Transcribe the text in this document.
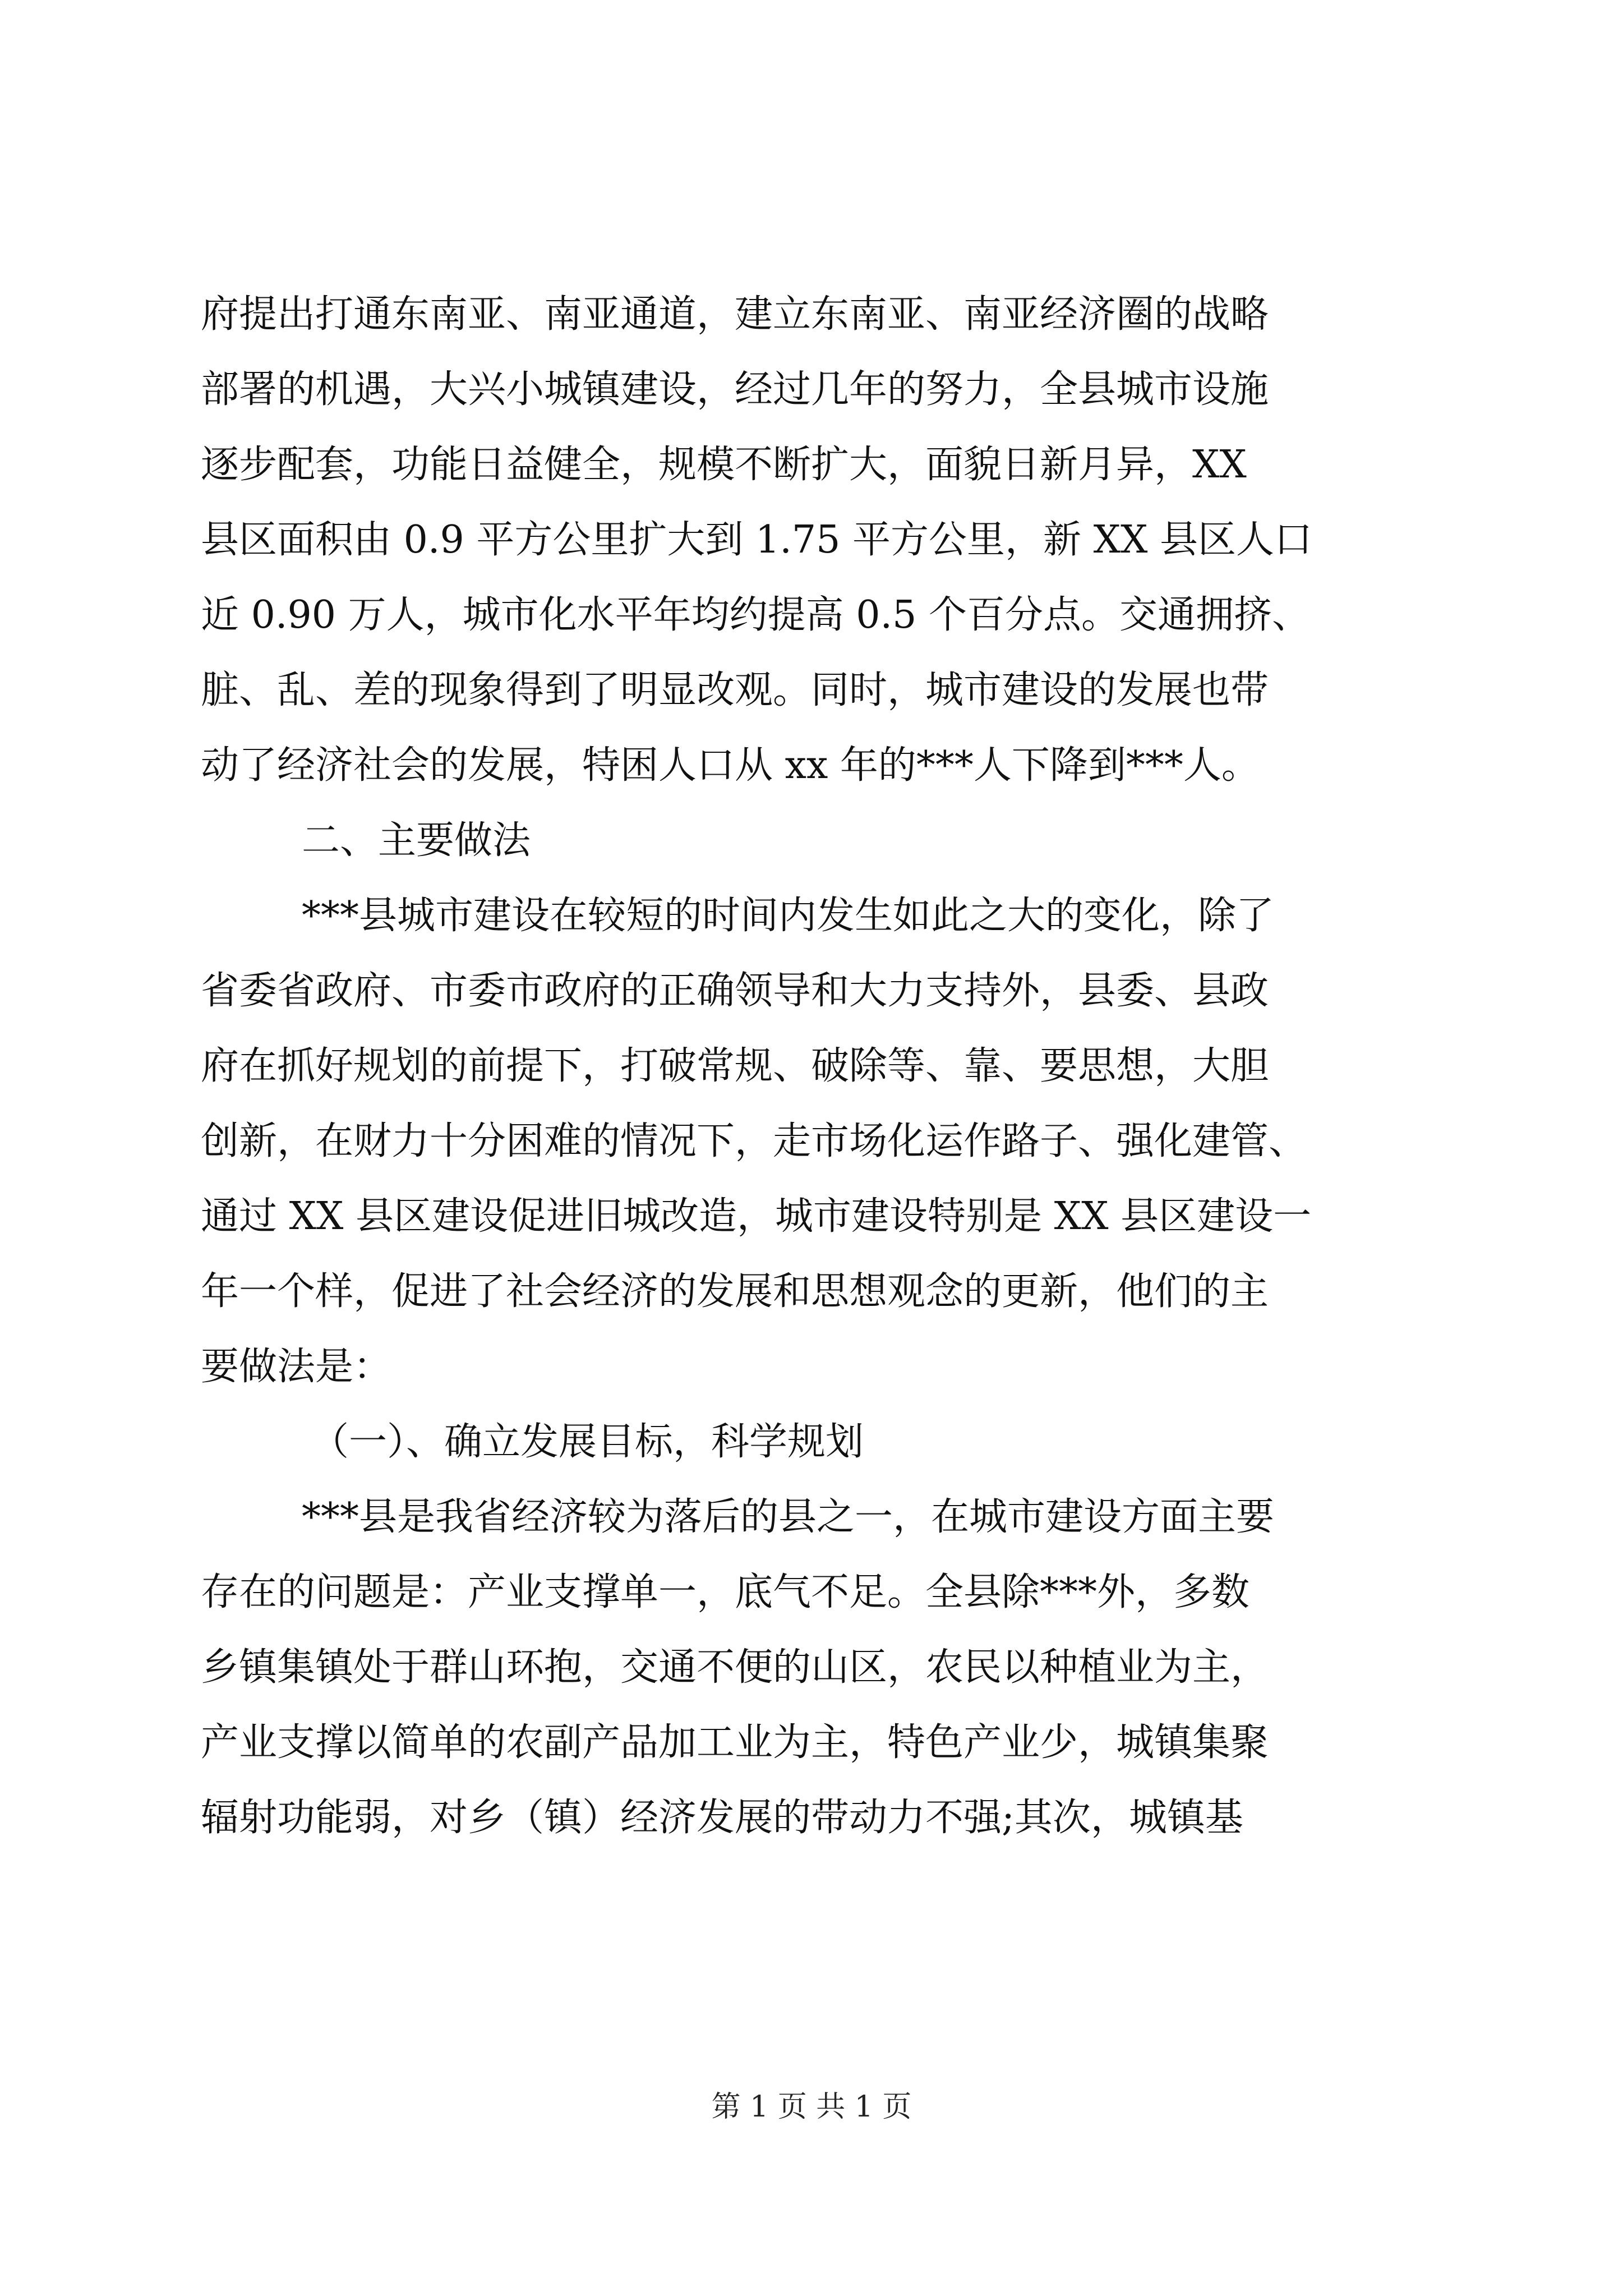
府提出打通东南亚、南亚通道，建立东南亚、南亚经济圈的战略
部署的机遇，大兴小城镇建设，经过几年的努力，全县城市设施
逐步配套，功能日益健全，规模不断扩大，面貌日新月异，XX
县区面积由 0.9 平方公里扩大到 1.75 平方公里，新 XX 县区人口
近 0.90 万人，城市化水平年均约提高 0.5 个百分点。交通拥挤、
脏、乱、差的现象得到了明显改观。同时，城市建设的发展也带
动了经济社会的发展，特困人口从 xx 年的***人下降到***人。
二、主要做法
***县城市建设在较短的时间内发生如此之大的变化，除了
省委省政府、市委市政府的正确领导和大力支持外，县委、县政
府在抓好规划的前提下，打破常规、破除等、靠、要思想，大胆
创新，在财力十分困难的情况下，走市场化运作路子、强化建管、
通过 XX 县区建设促进旧城改造，城市建设特别是 XX 县区建设一
年一个样，促进了社会经济的发展和思想观念的更新，他们的主
要做法是：
（一）、确立发展目标，科学规划
***县是我省经济较为落后的县之一，在城市建设方面主要
存在的问题是：产业支撑单一，底气不足。全县除***外，多数
乡镇集镇处于群山环抱，交通不便的山区，农民以种植业为主，
产业支撑以简单的农副产品加工业为主，特色产业少，城镇集聚
辐射功能弱，对乡（镇）经济发展的带动力不强;其次，城镇基
第 1 页 共 1 页
